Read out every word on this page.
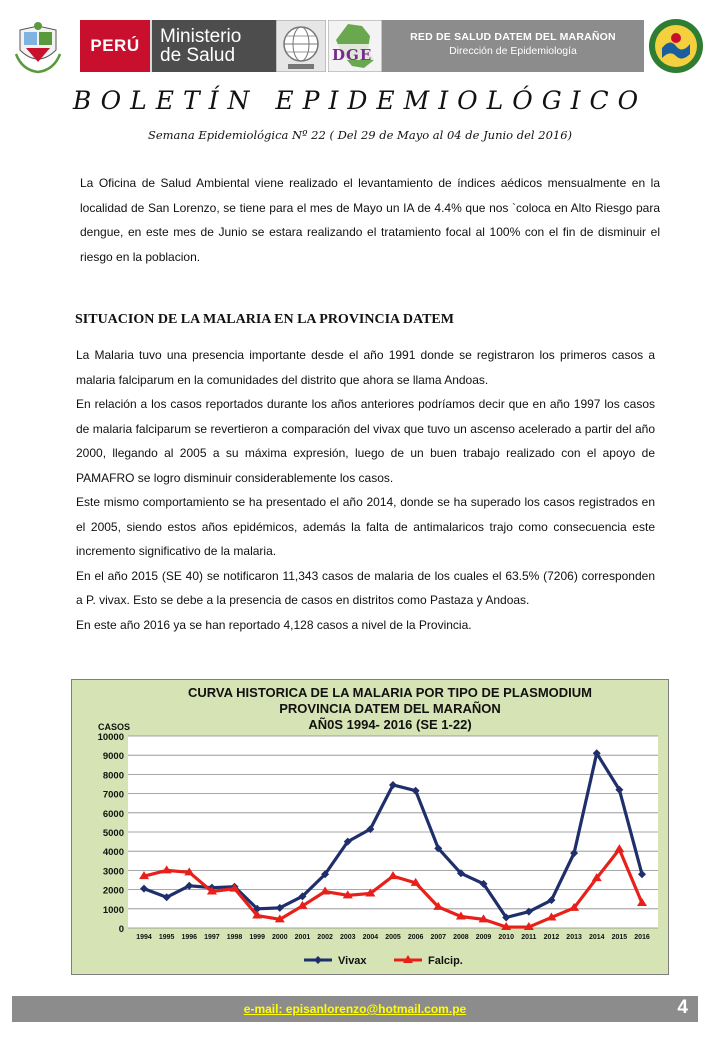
PERÚ Ministerio
de Salud	DGE
RED DE SALUD DATEM DEL MARAÑON
Dirección de Epidemiología
BOLETÍN EPIDEMIOLÓGICO
Semana Epidemiológica Nº 22 ( Del 29 de Mayo al 04 de Junio del 2016)
La Oficina de Salud Ambiental viene realizado el levantamiento de índices aédicos mensualmente en la localidad de San Lorenzo, se tiene para el mes de Mayo un IA de 4.4% que nos `coloca en Alto Riesgo para dengue, en este mes de Junio se estara realizando el tratamiento focal al 100% con el fin de disminuir el riesgo en la poblacion.
SITUACION DE LA MALARIA EN LA PROVINCIA DATEM

La Malaria tuvo una presencia importante desde el año 1991 donde se registraron los primeros casos a malaria falciparum en la comunidades del distrito que ahora se llama Andoas.

En relación a los casos reportados durante los años anteriores podríamos decir que en año 1997 los casos de malaria falciparum se revertieron a comparación del vivax que tuvo un ascenso acelerado a partir del año 2000, llegando al 2005 a su máxima expresión, luego de un buen trabajo realizado con el apoyo de PAMAFRO se logro disminuir considerablemente los casos.

Este mismo comportamiento se ha presentado el año 2014, donde se ha superado los casos registrados en el 2005, siendo estos años epidémicos, además la falta de antimalaricos trajo como consecuencia este incremento significativo de la malaria.

En el año 2015 (SE 40) se notificaron 11,343 casos de malaria de los cuales el 63.5% (7206) corresponden a P. vivax. Esto se debe a la presencia de casos en distritos como Pastaza y Andoas.

En este año 2016 ya se han reportado 4,128 casos a nivel de la Provincia.

CURVA HISTORICA DE LA MALARIA POR TIPO DE PLASMODIUM
PROVINCIA DATEM DEL MARAÑON
AÑ0S 1994- 2016 (SE 1-22)
CASOS
0
1000
2000
3000
4000
5000
6000
7000
8000
9000
10000
1994 1995 1996 1997 1998 1999 2000 2001 2002 2003 2004 2005 2006 2007 2008 2009 2010 2011 2012 2013 2014 2015 2016
Vivax	Falcip.
e-mail: episanlorenzo@hotmail.com.pe	4
